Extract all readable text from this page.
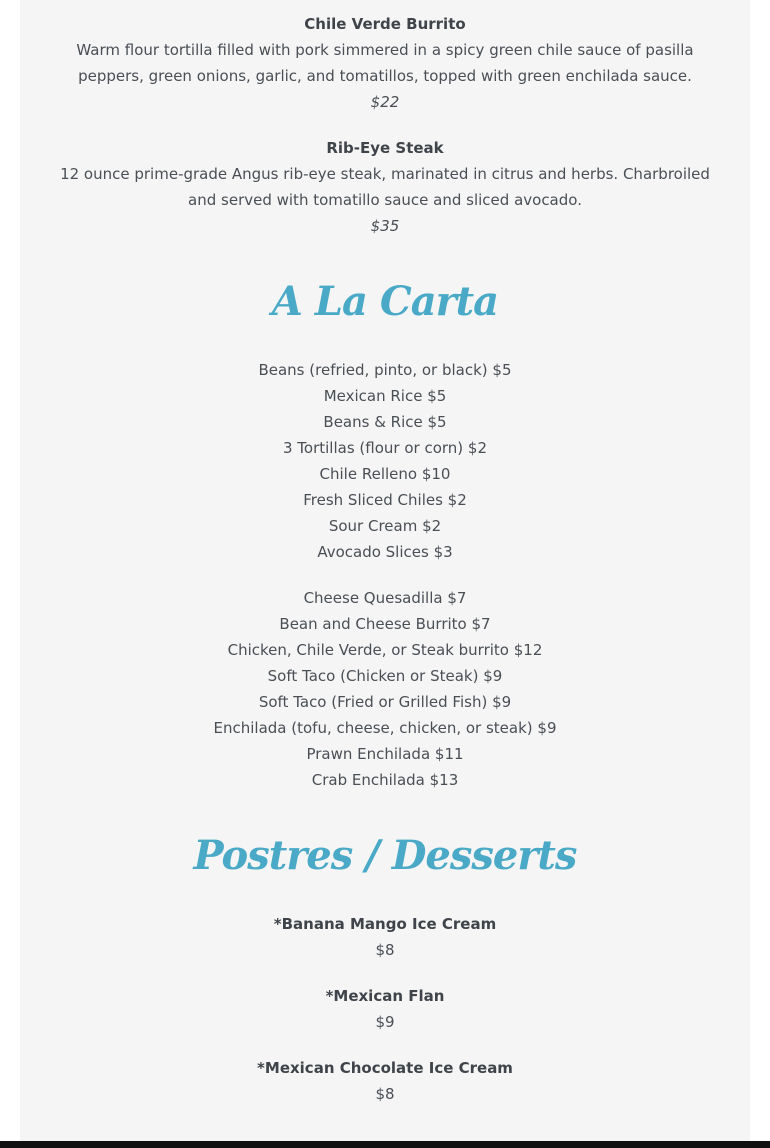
Chile Verde Burrito
Warm flour tortilla filled with pork simmered in a spicy green chile sauce of pasilla peppers, green onions, garlic, and tomatillos, topped with green enchilada sauce.
$22
Rib-Eye Steak
12 ounce prime-grade Angus rib-eye steak, marinated in citrus and herbs. Charbroiled and served with tomatillo sauce and sliced avocado.
$35
A La Carta
Beans (refried, pinto, or black) $5
Mexican Rice $5
Beans & Rice $5
3 Tortillas (flour or corn) $2
Chile Relleno $10
Fresh Sliced Chiles $2
Sour Cream $2
Avocado Slices $3
Cheese Quesadilla $7
Bean and Cheese Burrito $7
Chicken, Chile Verde, or Steak burrito $12
Soft Taco (Chicken or Steak) $9
Soft Taco (Fried or Grilled Fish) $9
Enchilada (tofu, cheese, chicken, or steak) $9
Prawn Enchilada $11
Crab Enchilada $13
Postres / Desserts
*Banana Mango Ice Cream
$8
*Mexican Flan
$9
*Mexican Chocolate Ice Cream
$8
